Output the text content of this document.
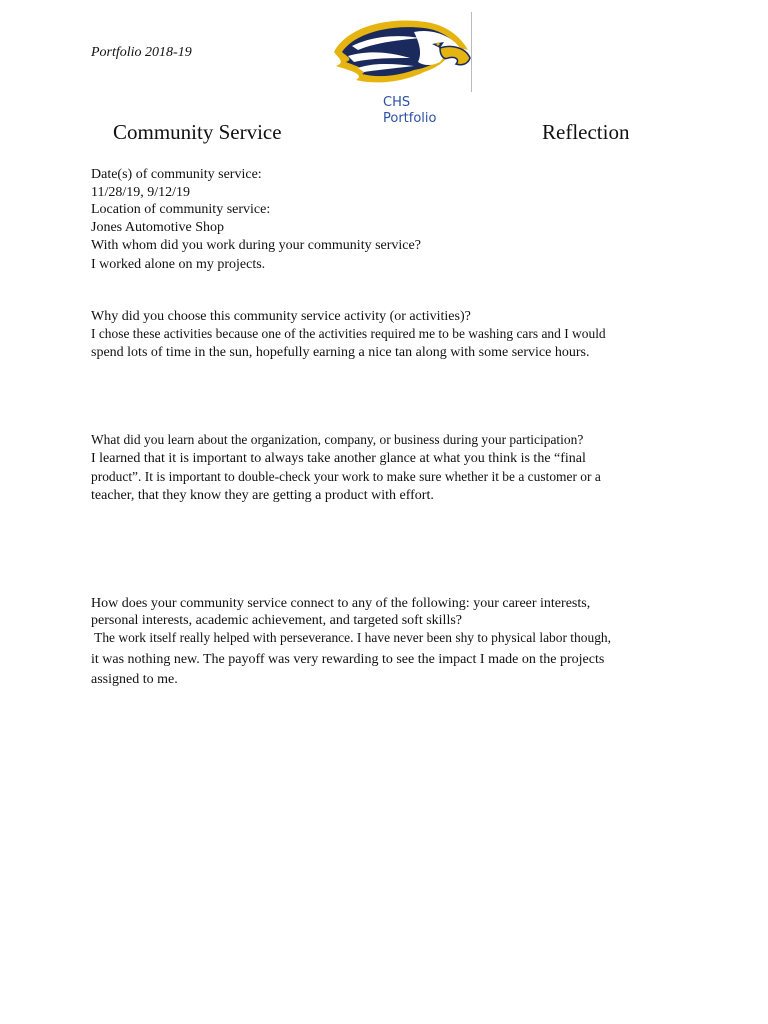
Portfolio 2018-19
CHS
Portfolio
Community Service	Reflection
Date(s) of community service:
11/28/19, 9/12/19
Location of community service:
Jones Automotive Shop
With whom did you work during your community service?
I worked alone on my projects.
Why did you choose this community service activity (or activities)?
I chose these activities because one of the activities required me to be washing cars and I would
spend lots of time in the sun, hopefully earning a nice tan along with some service hours.
What did you learn about the organization, company, or business during your participation?
I learned that it is important to always take another glance at what you think is the “final
product”. It is important to double-check your work to make sure whether it be a customer or a
teacher, that they know they are getting a product with effort.
How does your community service connect to any of the following: your career interests,
personal interests, academic achievement, and targeted soft skills?
The work itself really helped with perseverance. I have never been shy to physical labor though,
it was nothing new. The payoff was very rewarding to see the impact I made on the projects
assigned to me.
